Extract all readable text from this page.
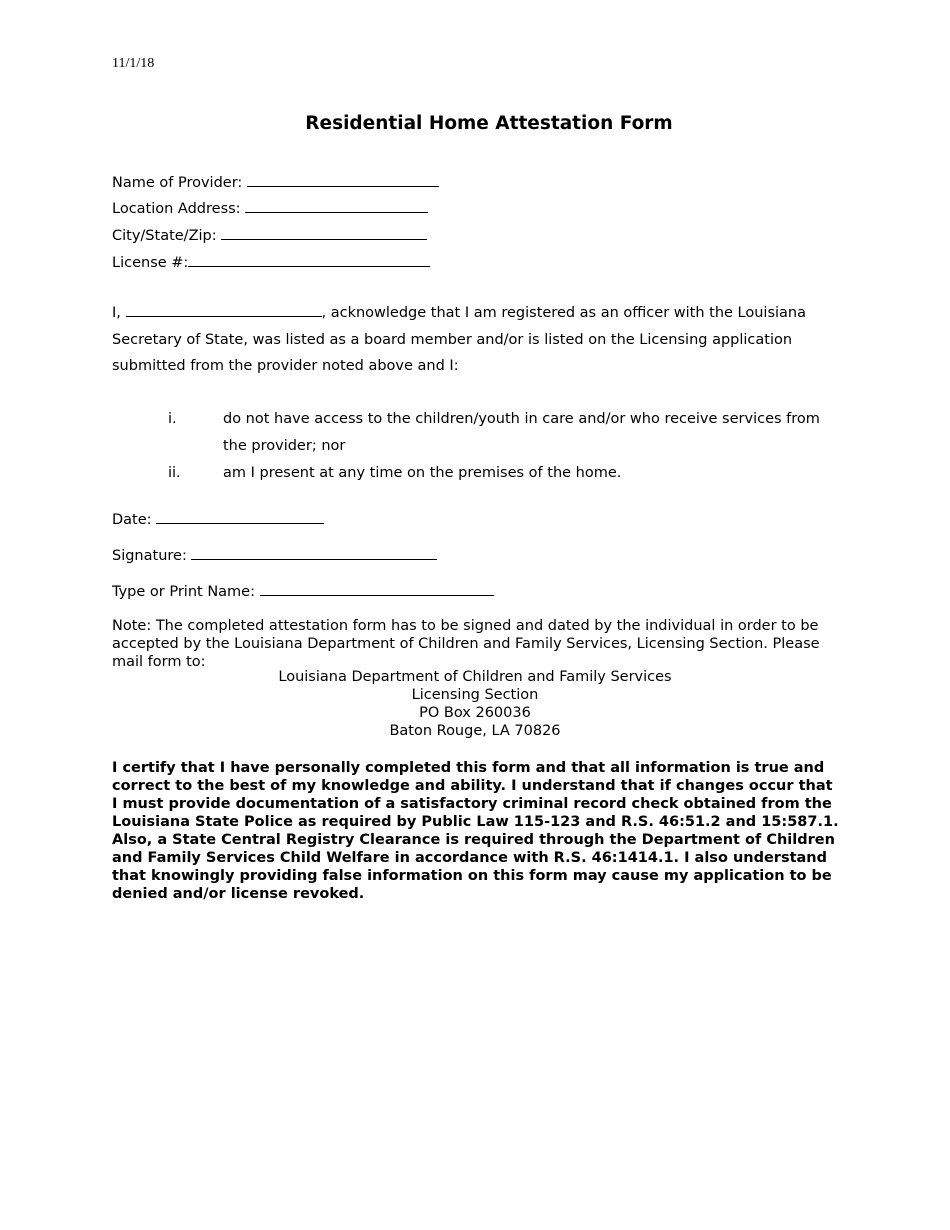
11/1/18
Residential Home Attestation Form
Name of Provider:
Location Address:
City/State/Zip:
License #:
I,	, acknowledge that I am registered as an officer with the Louisiana Secretary of State, was listed as a board member and/or is listed on the Licensing application submitted from the provider noted above and I:
i.	do not have access to the children/youth in care and/or who receive services from the provider; nor
ii.	am I present at any time on the premises of the home.
Date:
Signature:
Type or Print Name:
Note: The completed attestation form has to be signed and dated by the individual in order to be accepted by the Louisiana Department of Children and Family Services, Licensing Section. Please mail form to:
Louisiana Department of Children and Family Services
Licensing Section
PO Box 260036
Baton Rouge, LA 70826
I certify that I have personally completed this form and that all information is true and correct to the best of my knowledge and ability. I understand that if changes occur that I must provide documentation of a satisfactory criminal record check obtained from the Louisiana State Police as required by Public Law 115-123 and R.S. 46:51.2 and 15:587.1. Also, a State Central Registry Clearance is required through the Department of Children and Family Services Child Welfare in accordance with R.S. 46:1414.1. I also understand that knowingly providing false information on this form may cause my application to be denied and/or license revoked.
